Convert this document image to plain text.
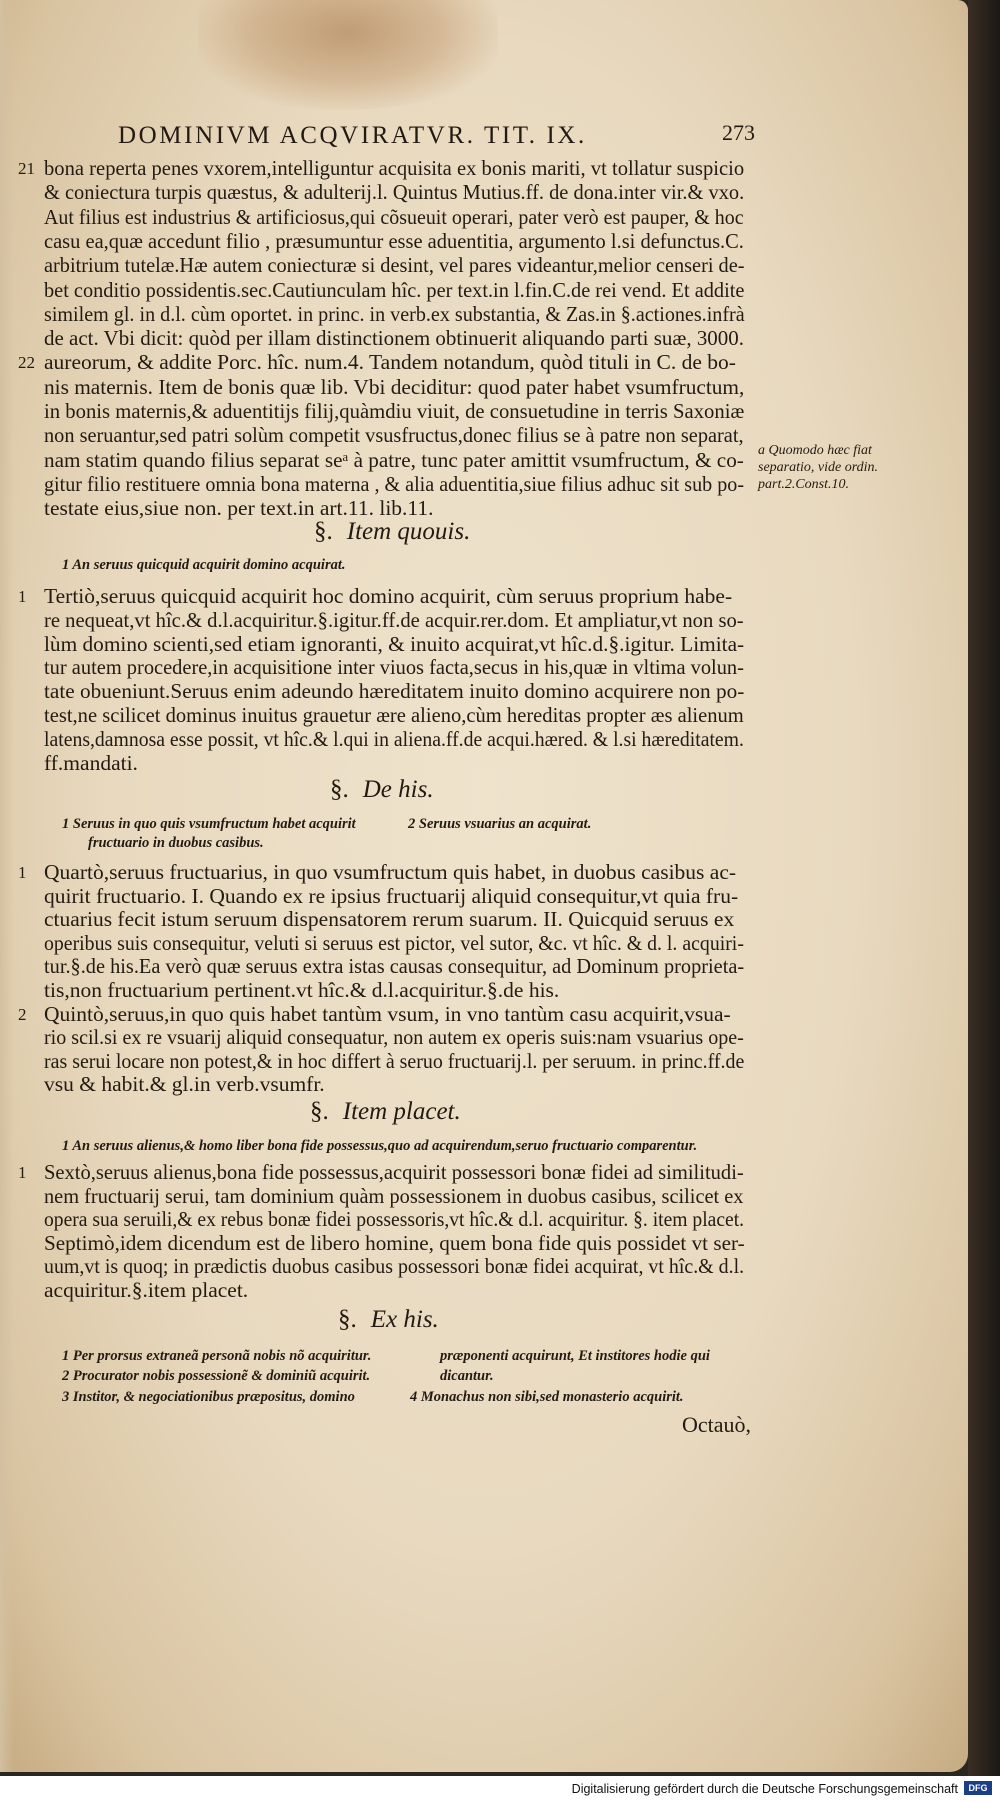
DOMINIVM ACQVIRATVR. TIT. IX.	273
21 bona reperta penes vxorem,intelliguntur acquisita ex bonis mariti, vt tollatur suspicio
& coniectura turpis quæstus, & adulterij.l. Quintus Mutius.ff. de dona.inter vir.& vxo.
Aut filius est industrius & artificiosus,qui cõsueuit operari, pater verò est pauper, & hoc
casu ea,quæ accedunt filio , præsumuntur esse aduentitia, argumento l.si defunctus.C.
arbitrium tutelæ.Hæ autem coniecturæ si desint, vel pares videantur,melior censeri de-
bet conditio possidentis.sec.Cautiunculam hîc. per text.in l.fin.C.de rei vend. Et addite
similem gl. in d.l. cùm oportet. in princ. in verb.ex substantia, & Zas.in §.actiones.infrà
de act. Vbi dicit: quòd per illam distinctionem obtinuerit aliquando parti suæ, 3000.
22 aureorum, & addite Porc. hîc. num.4. Tandem notandum, quòd tituli in C. de bo-
nis maternis. Item de bonis quæ lib. Vbi deciditur: quod pater habet vsumfructum,
in bonis maternis,& aduentitijs filij,quàmdiu viuit, de consuetudine in terris Saxoniæ
non seruantur,sed patri solùm competit vsusfructus,donec filius se à patre non separat,
nam statim quando filius separat seᵃ à patre, tunc pater amittit vsumfructum, & co-
gitur filio restituere omnia bona materna , & alia aduentitia,siue filius adhuc sit sub po-
testate eius,siue non. per text.in art.11. lib.11.
a Quomodo hæc fiat
separatio, vide ordin.
part.2.Const.10.
§. Item quouis.
1 An seruus quicquid acquirit domino acquirat.
1 Tertiò,seruus quicquid acquirit hoc domino acquirit, cùm seruus proprium habe-
re nequeat,vt hîc.& d.l.acquiritur.§.igitur.ff.de acquir.rer.dom. Et ampliatur,vt non so-
lùm domino scienti,sed etiam ignoranti, & inuito acquirat,vt hîc.d.§.igitur. Limita-
tur autem procedere,in acquisitione inter viuos facta,secus in his,quæ in vltima volun-
tate obueniunt.Seruus enim adeundo hæreditatem inuito domino acquirere non po-
test,ne scilicet dominus inuitus grauetur ære alieno,cùm hereditas propter æs alienum
latens,damnosa esse possit, vt hîc.& l.qui in aliena.ff.de acqui.hæred. & l.si hæreditatem.
ff.mandati.
§. De his.
1 Seruus in quo quis vsumfructum habet acquirit
fructuario in duobus casibus.
2 Seruus vsuarius an acquirat.
1 Quartò,seruus fructuarius, in quo vsumfructum quis habet, in duobus casibus ac-
quirit fructuario. I. Quando ex re ipsius fructuarij aliquid consequitur,vt quia fru-
ctuarius fecit istum seruum dispensatorem rerum suarum. II. Quicquid seruus ex
operibus suis consequitur, veluti si seruus est pictor, vel sutor, &c. vt hîc. & d. l. acquiri-
tur.§.de his.Ea verò quæ seruus extra istas causas consequitur, ad Dominum proprieta-
tis,non fructuarium pertinent.vt hîc.& d.l.acquiritur.§.de his.
2 Quintò,seruus,in quo quis habet tantùm vsum, in vno tantùm casu acquirit,vsua-
rio scil.si ex re vsuarij aliquid consequatur, non autem ex operis suis:nam vsuarius ope-
ras serui locare non potest,& in hoc differt à seruo fructuarij.l. per seruum. in princ.ff.de
vsu & habit.& gl.in verb.vsumfr.
§. Item placet.
1 An seruus alienus,& homo liber bona fide possessus,quo ad acquirendum,seruo fructuario comparentur.
1 Sextò,seruus alienus,bona fide possessus,acquirit possessori bonæ fidei ad similitudi-
nem fructuarij serui, tam dominium quàm possessionem in duobus casibus, scilicet ex
opera sua seruili,& ex rebus bonæ fidei possessoris,vt hîc.& d.l. acquiritur. §. item placet.
Septimò,idem dicendum est de libero homine, quem bona fide quis possidet vt ser-
uum,vt is quoq; in prædictis duobus casibus possessori bonæ fidei acquirat, vt hîc.& d.l.
acquiritur.§.item placet.
§. Ex his.
1 Per prorsus extraneã personã nobis nõ acquiritur.
2 Procurator nobis possessionẽ & dominiũ acquirit.
3 Institor, & negociationibus præpositus, domino
præponenti acquirunt, Et institores hodie qui
dicantur.
4 Monachus non sibi,sed monasterio acquirit.
Octauò,
Digitalisierung gefördert durch die Deutsche Forschungsgemeinschaft	DFG
